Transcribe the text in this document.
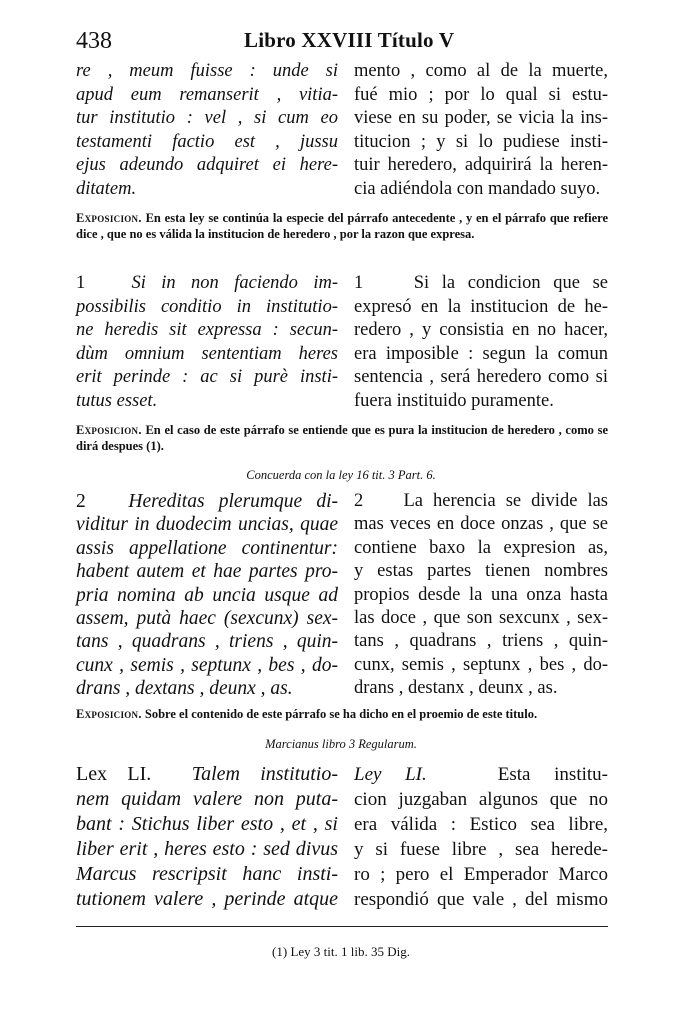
438	Libro XXVIII Título V
re , meum fuisse : unde si
apud eum remanserit , vitia-
tur institutio : vel , si cum eo
testamenti factio est , jussu
ejus adeundo adquiret ei here-
ditatem.
mento , como al de la muerte,
fué mio ; por lo qual si estu-
viese en su poder, se vicia la ins-
titucion ; y si lo pudiese insti-
tuir heredero, adquirirá la heren-
cia adiéndola con mandado suyo.
Exposicion. En esta ley se continúa la especie del párrafo antecedente , y en el párrafo que refiere dice , que no es válida la institucion de heredero , por la razon que expresa.
1 Si in non faciendo im-
possibilis conditio in institutio-
ne heredis sit expressa : secun-
dùm omnium sententiam heres
erit perinde : ac si purè insti-
tutus esset.
1	Si la condicion que se
expresó en la institucion de he-
redero , y consistia en no hacer,
era imposible : segun la comun
sentencia , será heredero como si
fuera instituido puramente.
Exposicion. En el caso de este párrafo se entiende que es pura la institucion de heredero , como se dirá despues (1).
Concuerda con la ley 16 tit. 3 Part. 6.
2 Hereditas plerumque di-
viditur in duodecim uncias, quae
assis appellatione continentur:
habent autem et hae partes pro-
pria nomina ab uncia usque ad
assem, putà haec (sexcunx) sex-
tans , quadrans , triens , quin-
cunx , semis , septunx , bes , do-
drans , dextans , deunx , as.
2 La herencia se divide las
mas veces en doce onzas , que se
contiene baxo la expresion as,
y estas partes tienen nombres
propios desde la una onza hasta
las doce , que son sexcunx , sex-
tans , quadrans , triens , quin-
cunx, semis , septunx , bes , do-
drans , destanx , deunx , as.
Exposicion. Sobre el contenido de este párrafo se ha dicho en el proemio de este titulo.
Marcianus libro 3 Regularum.
Lex LI. Talem institutio-
nem quidam valere non puta-
bant : Stichus liber esto , et , si
liber erit , heres esto : sed divus
Marcus rescripsit hanc insti-
tutionem valere , perinde atque
Ley LI.	Esta institu-
cion juzgaban algunos que no
era válida : Estico sea libre,
y si fuese libre , sea herede-
ro ; pero el Emperador Marco
respondió que vale , del mismo
(1) Ley 3 tit. 1 lib. 35 Dig.
